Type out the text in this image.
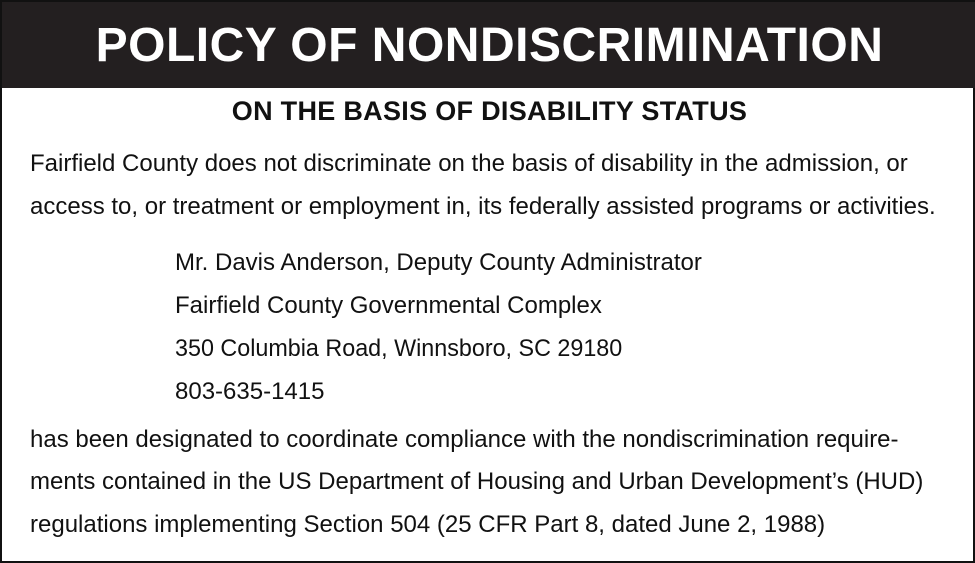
POLICY OF NONDISCRIMINATION
ON THE BASIS OF DISABILITY STATUS
Fairfield County does not discriminate on the basis of disability in the admission, or
access to, or treatment or employment in, its federally assisted programs or activities.
Mr. Davis Anderson, Deputy County Administrator
Fairfield County Governmental Complex
350 Columbia Road, Winnsboro, SC 29180
803-635-1415
has been designated to coordinate compliance with the nondiscrimination require-
ments contained in the US Department of Housing and Urban Development’s (HUD)
regulations implementing Section 504 (25 CFR Part 8, dated June 2, 1988)
